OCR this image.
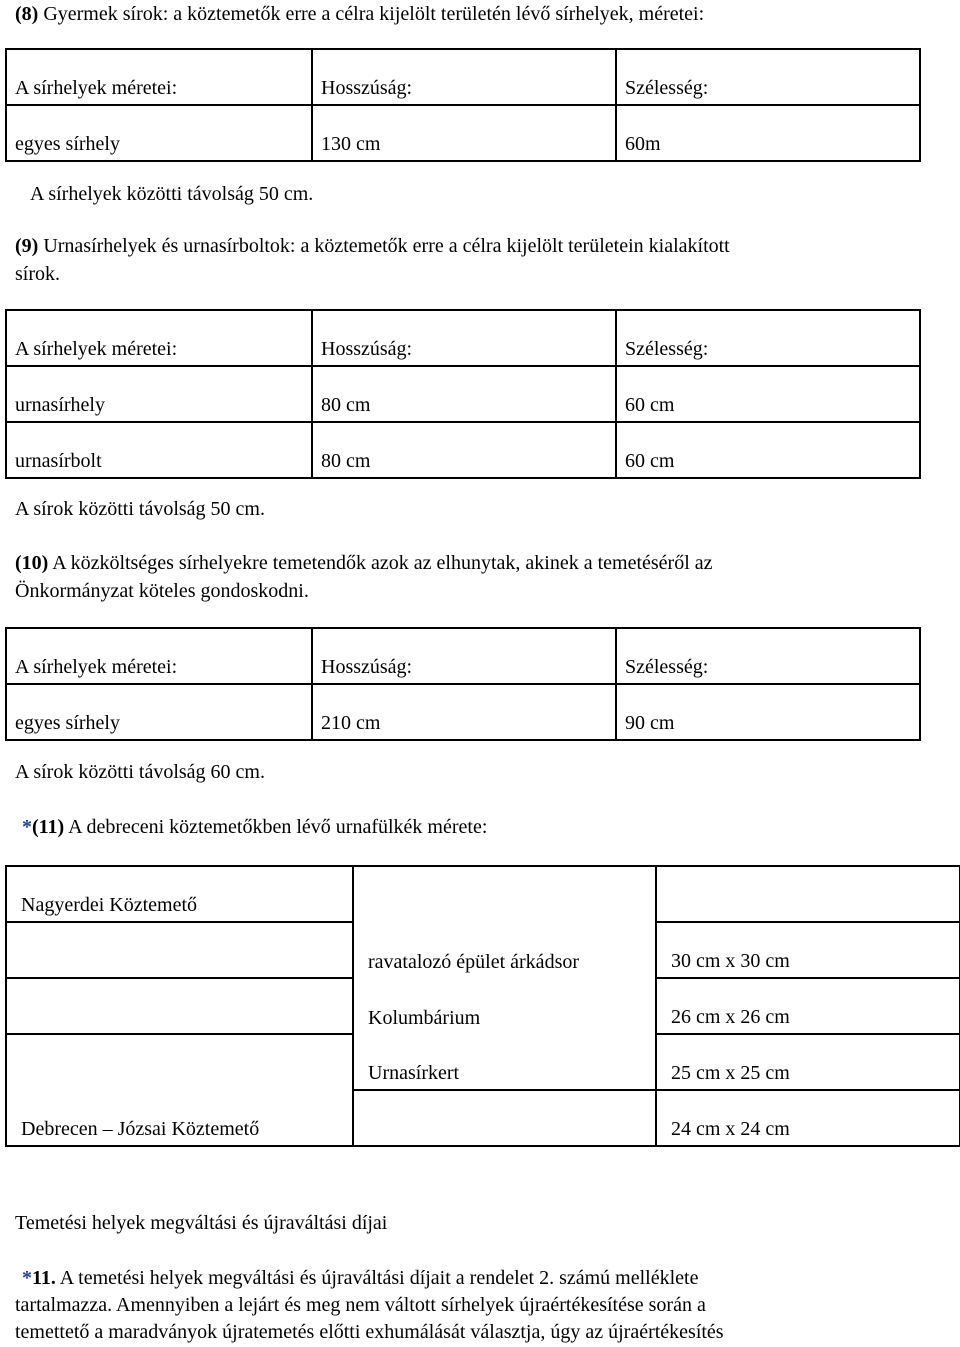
(8) Gyermek sírok: a köztemetők erre a célra kijelölt területén lévő sírhelyek, méretei:
A sírhelyek méretei:	Hosszúság:	Szélesség:
egyes sírhely	130 cm	60m
A sírhelyek közötti távolság 50 cm.
(9) Urnasírhelyek és urnasírboltok: a köztemetők erre a célra kijelölt területein kialakított
sírok.
A sírhelyek méretei:	Hosszúság:	Szélesség:
urnasírhely	80 cm	60 cm
urnasírbolt	80 cm	60 cm
A sírok közötti távolság 50 cm.
(10) A közköltséges sírhelyekre temetendők azok az elhunytak, akinek a temetéséről az
Önkormányzat köteles gondoskodni.
A sírhelyek méretei:	Hosszúság:	Szélesség:
egyes sírhely	210 cm	90 cm
A sírok közötti távolság 60 cm.
*(11) A debreceni köztemetőkben lévő urnafülkék mérete:
Nagyerdei Köztemető		
	ravatalozó épület árkádsor	30 cm x 30 cm
	Kolumbárium	26 cm x 26 cm
	Urnasírkert	25 cm x 25 cm
Debrecen – Józsai Köztemető		24 cm x 24 cm
Temetési helyek megváltási és újraváltási díjai
*11. A temetési helyek megváltási és újraváltási díjait a rendelet 2. számú melléklete
tartalmazza. Amennyiben a lejárt és meg nem váltott sírhelyek újraértékesítése során a
temettető a maradványok újratemetés előtti exhumálását választja, úgy az újraértékesítés
